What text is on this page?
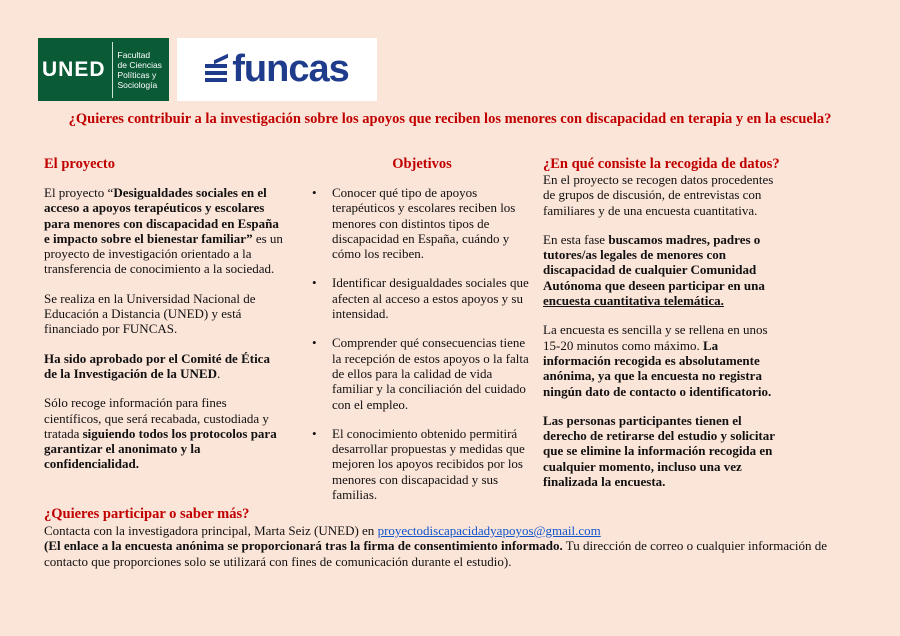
UNED
Facultad
de Ciencias
Políticas y
Sociología funcas
¿Quieres contribuir a la investigación sobre los apoyos que reciben los menores con discapacidad en terapia y en la escuela?
El proyecto

El proyecto “Desigualdades sociales en el acceso a apoyos terapéuticos y escolares para menores con discapacidad en España e impacto sobre el bienestar familiar” es un proyecto de investigación orientado a la transferencia de conocimiento a la sociedad.

Se realiza en la Universidad Nacional de Educación a Distancia (UNED) y está financiado por FUNCAS.

Ha sido aprobado por el Comité de Ética de la Investigación de la UNED.

Sólo recoge información para fines científicos, que será recabada, custodiada y tratada siguiendo todos los protocolos para garantizar el anonimato y la confidencialidad.

Objetivos
• Conocer qué tipo de apoyos terapéuticos y escolares reciben los menores con distintos tipos de discapacidad en España, cuándo y cómo los reciben.
• Identificar desigualdades sociales que afecten al acceso a estos apoyos y su intensidad.
• Comprender qué consecuencias tiene la recepción de estos apoyos o la falta de ellos para la calidad de vida familiar y la conciliación del cuidado con el empleo.
• El conocimiento obtenido permitirá desarrollar propuestas y medidas que mejoren los apoyos recibidos por los menores con discapacidad y sus familias.
¿En qué consiste la recogida de datos?

En el proyecto se recogen datos procedentes de grupos de discusión, de entrevistas con familiares y de una encuesta cuantitativa.

En esta fase buscamos madres, padres o tutores/as legales de menores con discapacidad de cualquier Comunidad Autónoma que deseen participar en una encuesta cuantitativa telemática.

La encuesta es sencilla y se rellena en unos 15-20 minutos como máximo. La información recogida es absolutamente anónima, ya que la encuesta no registra ningún dato de contacto o identificatorio.

Las personas participantes tienen el derecho de retirarse del estudio y solicitar que se elimine la información recogida en cualquier momento, incluso una vez finalizada la encuesta.

¿Quieres participar o saber más?
Contacta con la investigadora principal, Marta Seiz (UNED) en proyectodiscapacidadyapoyos@gmail.com
(El enlace a la encuesta anónima se proporcionará tras la firma de consentimiento informado. Tu dirección de correo o cualquier información de contacto que proporciones solo se utilizará con fines de comunicación durante el estudio).
